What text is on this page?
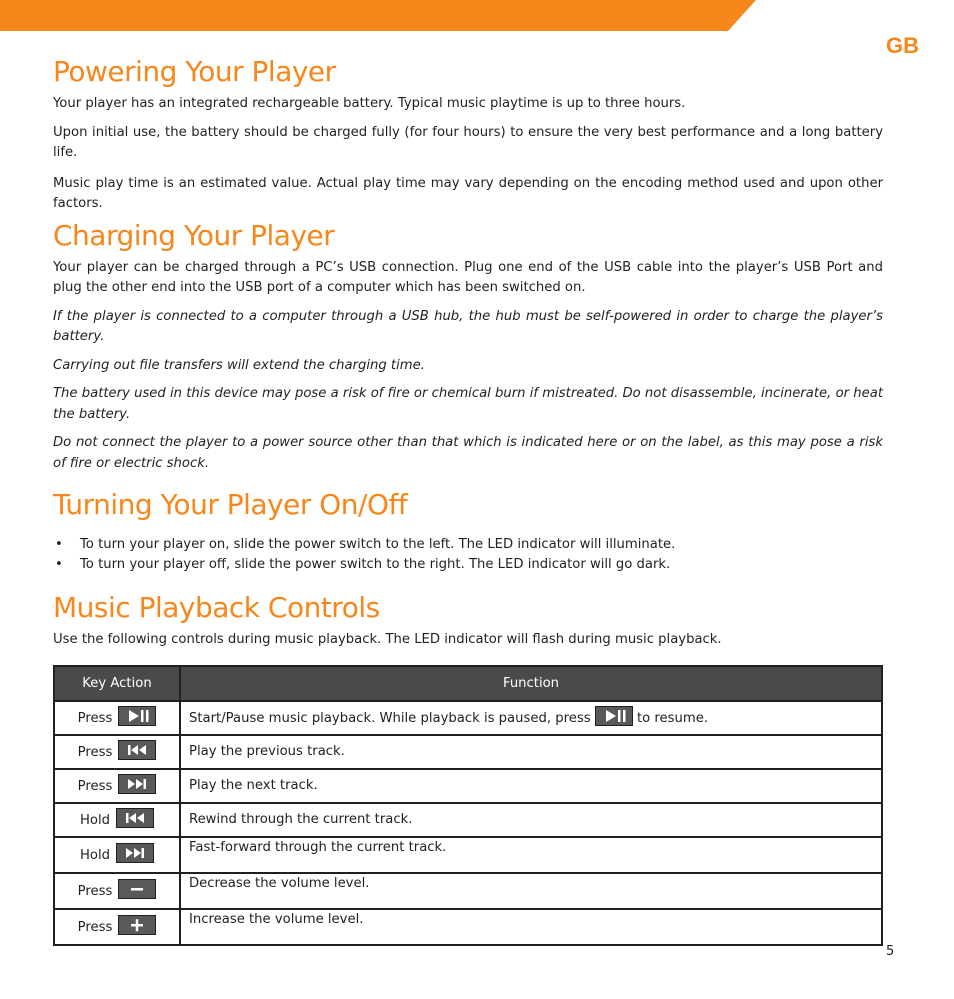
GB
Powering Your Player

Your player has an integrated rechargeable battery. Typical music playtime is up to three hours.

Upon initial use, the battery should be charged fully (for four hours) to ensure the very best performance and a long battery life.

Music play time is an estimated value. Actual play time may vary depending on the encoding method used and upon other factors.

Charging Your Player

Your player can be charged through a PC’s USB connection. Plug one end of the USB cable into the player’s USB Port and plug the other end into the USB port of a computer which has been switched on.

If the player is connected to a computer through a USB hub, the hub must be self-powered in order to charge the player’s battery.

Carrying out file transfers will extend the charging time.

The battery used in this device may pose a risk of fire or chemical burn if mistreated. Do not disassemble, incinerate, or heat the battery.

Do not connect the player to a power source other than that which is indicated here or on the label, as this may pose a risk of fire or electric shock.

Turning Your Player On/Off
• To turn your player on, slide the power switch to the left. The LED indicator will illuminate.
• To turn your player off, slide the power switch to the right. The LED indicator will go dark.
Music Playback Controls

Use the following controls during music playback. The LED indicator will flash during music playback.

Key Action	Function
Press	Start/Pause music playback. While playback is paused, press to resume.
Press	Play the previous track.
Press	Play the next track.
Hold	Rewind through the current track.
Hold	Fast-forward through the current track.
Press	Decrease the volume level.
Press	Increase the volume level.
5
